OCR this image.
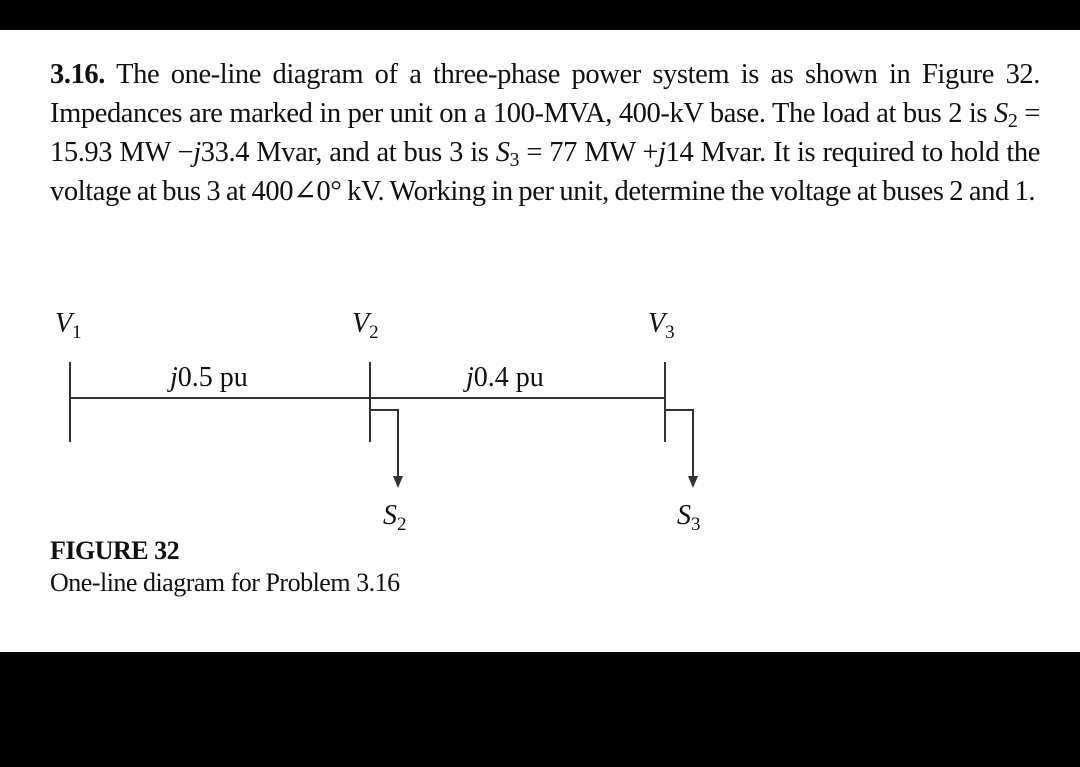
3.16. The one-line diagram of a three-phase power system is as shown in Figure 32. Impedances are marked in per unit on a 100-MVA, 400-kV base. The load at bus 2 is $S_2 = 15.93$ MW −j33.4 Mvar, and at bus 3 is $S_3 = 77$ MW +j14 Mvar. It is required to hold the voltage at bus 3 at 400∠0° kV. Working in per unit, determine the voltage at buses 2 and 1.

$V_1$	$V_2$	$V_3$
j0.5 pu	j0.4 pu
$S_2$	$S_3$
FIGURE 32
One-line diagram for Problem 3.16
